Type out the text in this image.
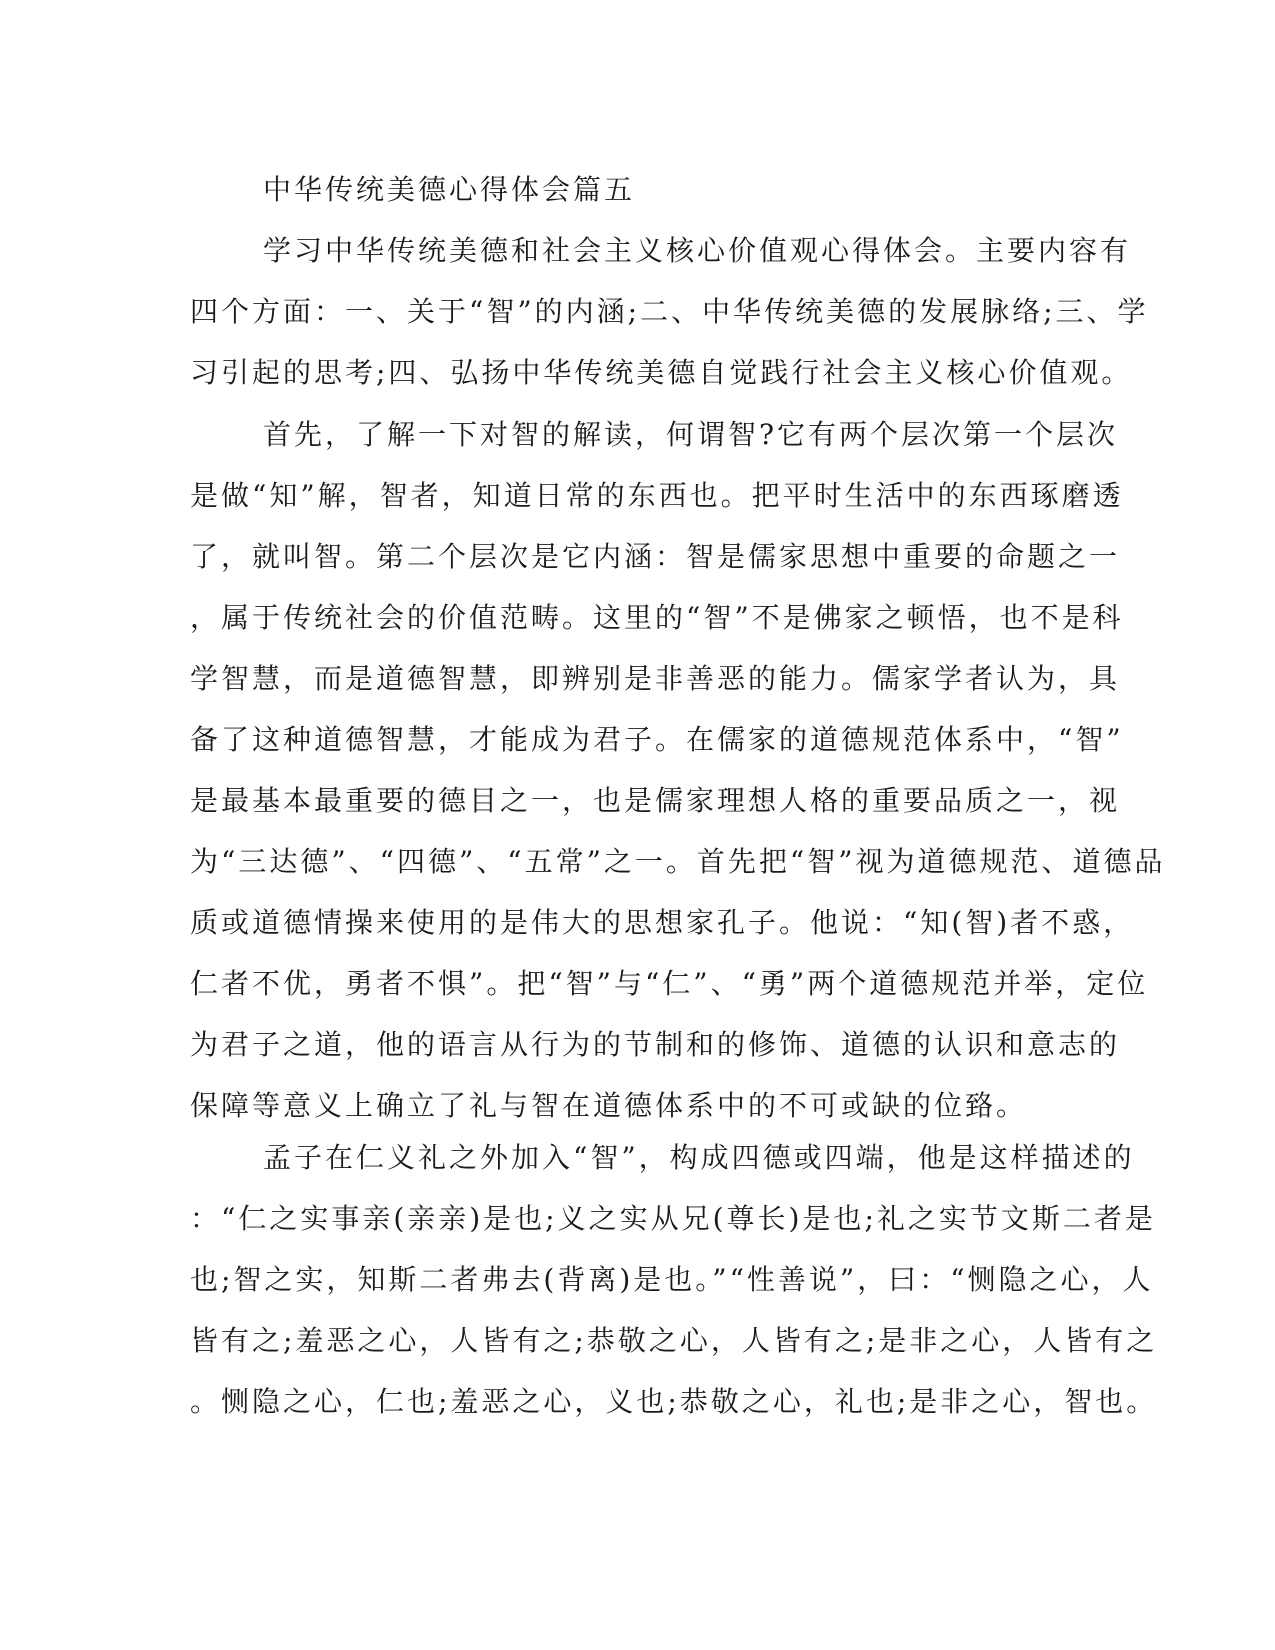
中华传统美德心得体会篇五
学习中华传统美德和社会主义核心价值观心得体会。主要内容有
四个方面：一、关于“智”的内涵;二、中华传统美德的发展脉络;三、学
习引起的思考;四、弘扬中华传统美德自觉践行社会主义核心价值观。
首先，了解一下对智的解读，何谓智?它有两个层次第一个层次
是做“知”解，智者，知道日常的东西也。把平时生活中的东西琢磨透
了，就叫智。第二个层次是它内涵：智是儒家思想中重要的命题之一
，属于传统社会的价值范畴。这里的“智”不是佛家之顿悟，也不是科
学智慧，而是道德智慧，即辨别是非善恶的能力。儒家学者认为，具
备了这种道德智慧，才能成为君子。在儒家的道德规范体系中，“智”
是最基本最重要的德目之一，也是儒家理想人格的重要品质之一，视
为“三达德”、“四德”、“五常”之一。首先把“智”视为道德规范、道德品
质或道德情操来使用的是伟大的思想家孔子。他说：“知(智)者不惑，
仁者不优，勇者不惧”。把“智”与“仁”、“勇”两个道德规范并举，定位
为君子之道，他的语言从行为的节制和的修饰、道德的认识和意志的
保障等意义上确立了礼与智在道德体系中的不可或缺的位臵。
孟子在仁义礼之外加入“智”，构成四德或四端，他是这样描述的
：“仁之实事亲(亲亲)是也;义之实从兄(尊长)是也;礼之实节文斯二者是
也;智之实，知斯二者弗去(背离)是也。”“性善说”，曰：“恻隐之心，人
皆有之;羞恶之心，人皆有之;恭敬之心，人皆有之;是非之心，人皆有之
。恻隐之心，仁也;羞恶之心，义也;恭敬之心，礼也;是非之心，智也。
